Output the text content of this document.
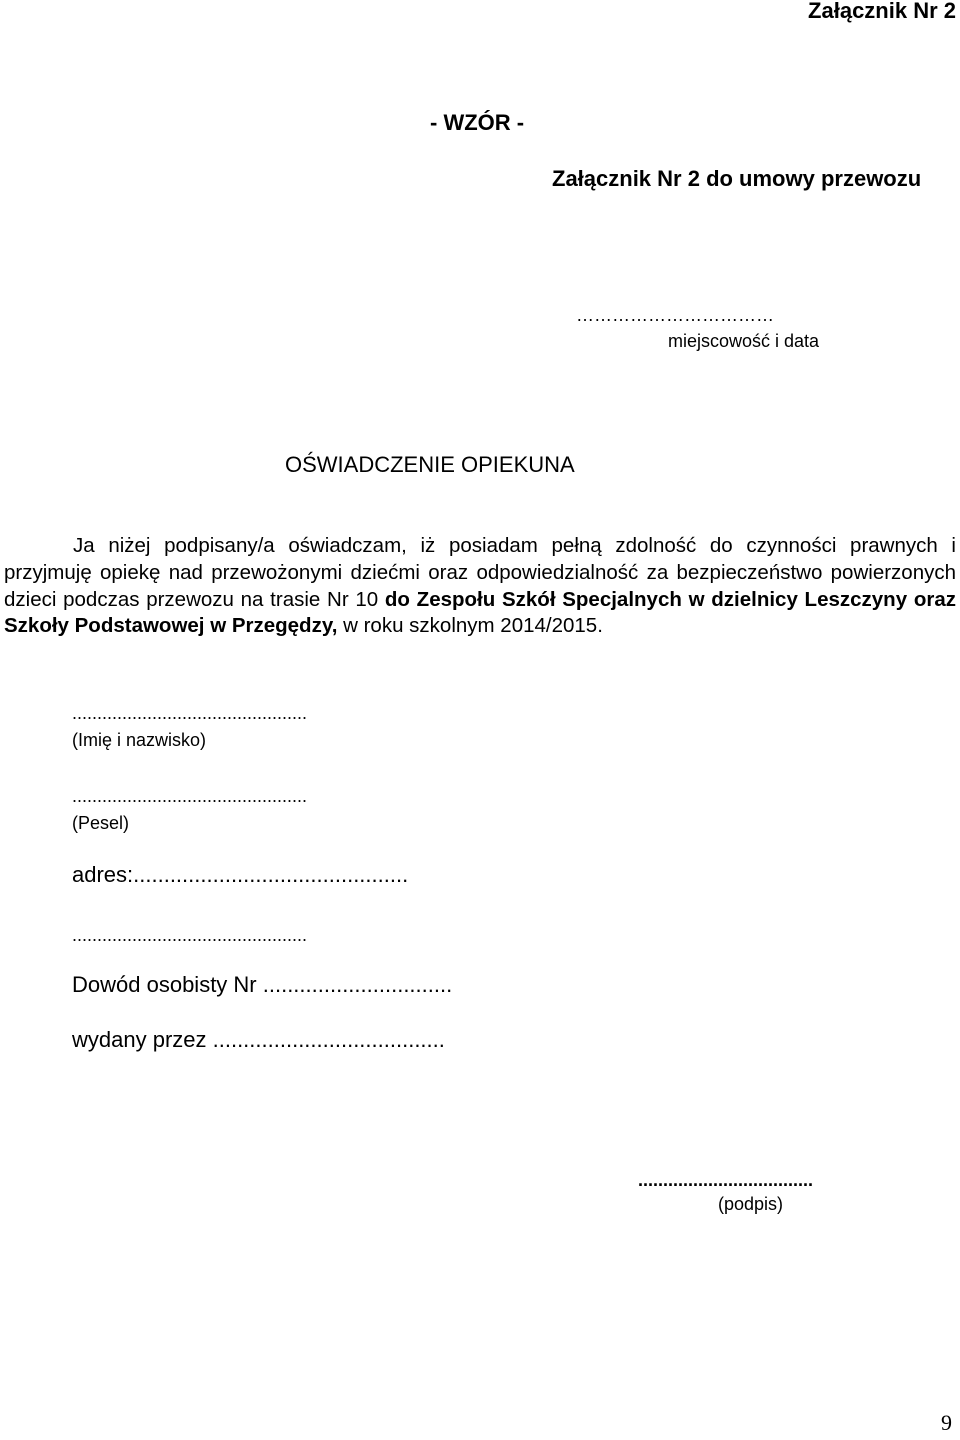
Załącznik Nr 2
- WZÓR -
Załącznik Nr 2 do umowy przewozu
……………………………
miejscowość i data
OŚWIADCZENIE OPIEKUNA
Ja niżej podpisany/a oświadczam, iż posiadam pełną zdolność do czynności prawnych i przyjmuję opiekę nad przewożonymi dziećmi oraz odpowiedzialność za bezpieczeństwo powierzonych dzieci podczas przewozu na trasie Nr 10 do Zespołu Szkół Specjalnych w dzielnicy Leszczyny oraz Szkoły Podstawowej w Przegędzy, w roku szkolnym 2014/2015.
...............................................
(Imię i nazwisko)
...............................................
(Pesel)
adres:.............................................
...............................................
Dowód osobisty Nr ...............................
wydany przez ......................................
...................................
(podpis)
9
